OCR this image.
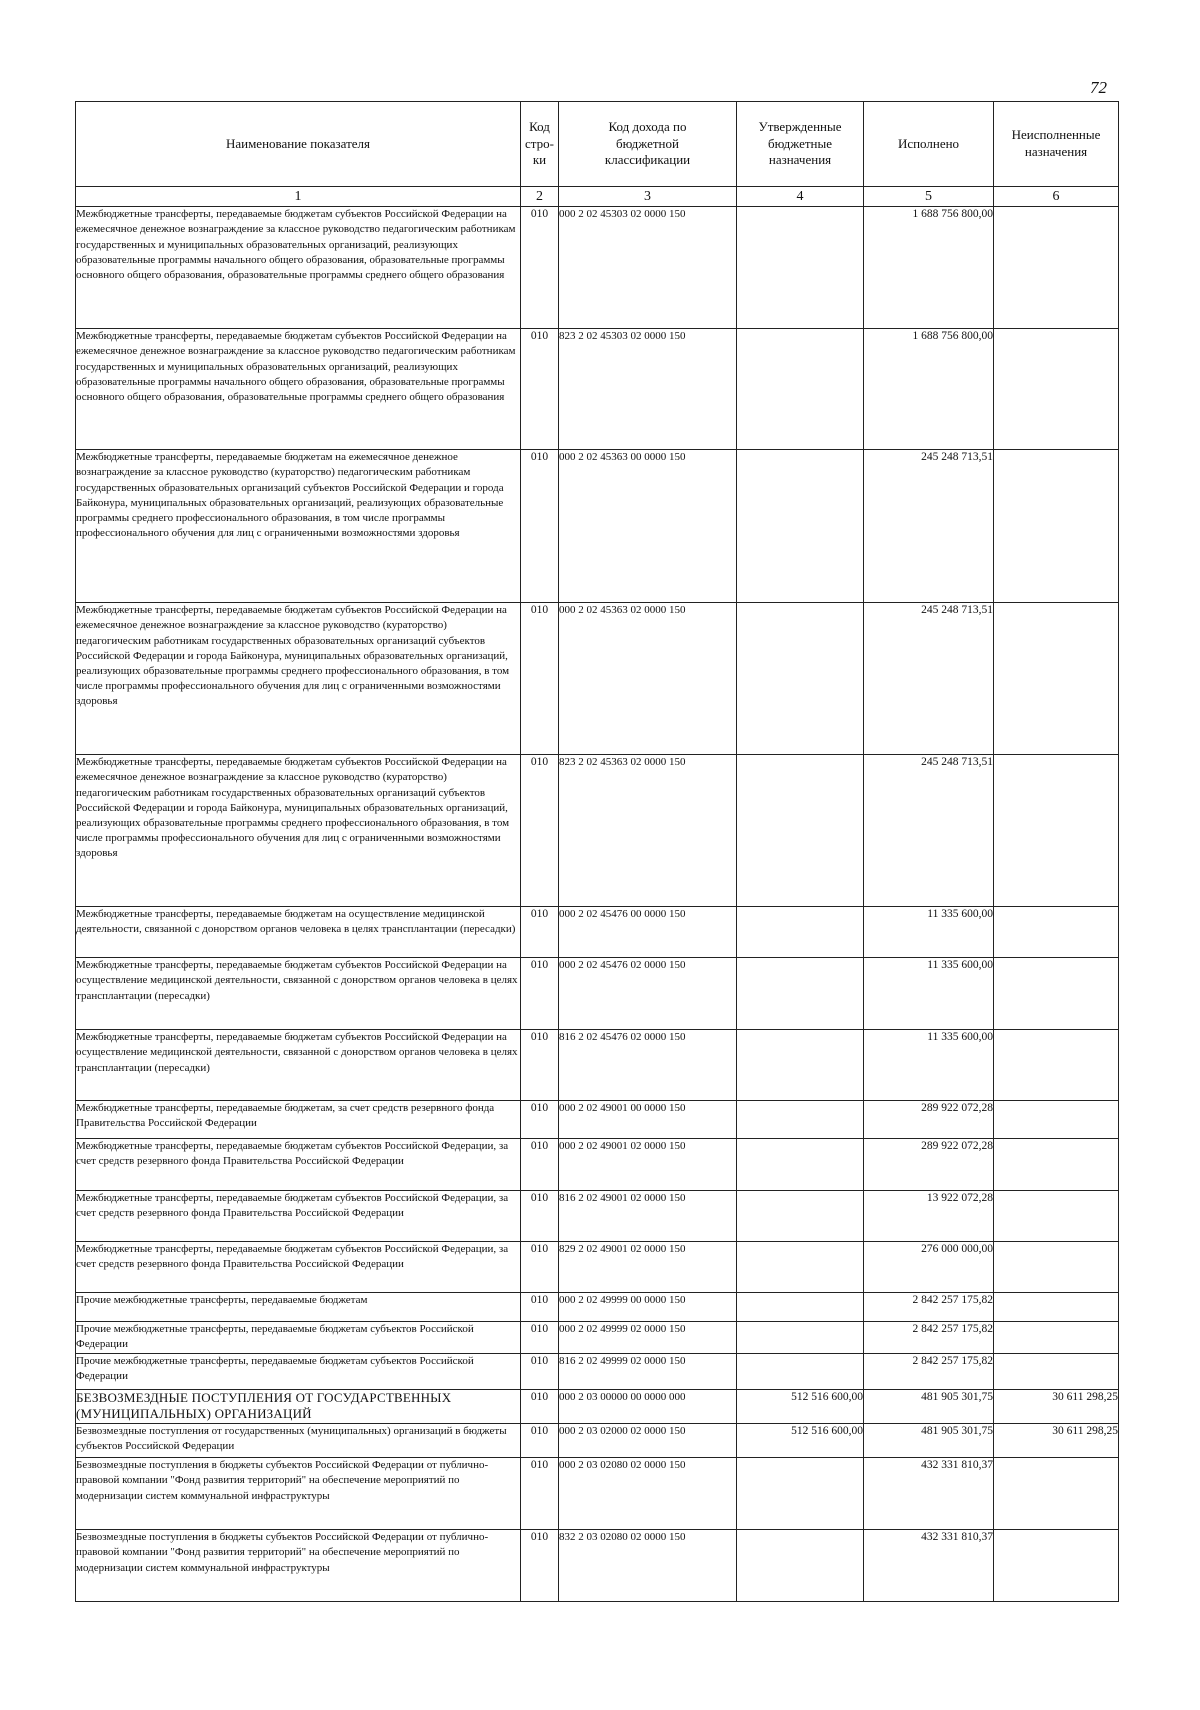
72
Наименование показателя	Код стро-ки	Код дохода по бюджетной классификации	Утвержденные бюджетные назначения	Исполнено	Неисполненные назначения
1	2	3	4	5	6
Межбюджетные трансферты, передаваемые бюджетам субъектов Российской Федерации на ежемесячное денежное вознаграждение за классное руководство педагогическим работникам государственных и муниципальных образовательных организаций, реализующих образовательные программы начального общего образования, образовательные программы основного общего образования, образовательные программы среднего общего образования	010	000 2 02 45303 02 0000 150		1 688 756 800,00	
Межбюджетные трансферты, передаваемые бюджетам субъектов Российской Федерации на ежемесячное денежное вознаграждение за классное руководство педагогическим работникам государственных и муниципальных образовательных организаций, реализующих образовательные программы начального общего образования, образовательные программы основного общего образования, образовательные программы среднего общего образования	010	823 2 02 45303 02 0000 150		1 688 756 800,00	
Межбюджетные трансферты, передаваемые бюджетам на ежемесячное денежное вознаграждение за классное руководство (кураторство) педагогическим работникам государственных образовательных организаций субъектов Российской Федерации и города Байконура, муниципальных образовательных организаций, реализующих образовательные программы среднего профессионального образования, в том числе программы профессионального обучения для лиц с ограниченными возможностями здоровья	010	000 2 02 45363 00 0000 150		245 248 713,51	
Межбюджетные трансферты, передаваемые бюджетам субъектов Российской Федерации на ежемесячное денежное вознаграждение за классное руководство (кураторство) педагогическим работникам государственных образовательных организаций субъектов Российской Федерации и города Байконура, муниципальных образовательных организаций, реализующих образовательные программы среднего профессионального образования, в том числе программы профессионального обучения для лиц с ограниченными возможностями здоровья	010	000 2 02 45363 02 0000 150		245 248 713,51	
Межбюджетные трансферты, передаваемые бюджетам субъектов Российской Федерации на ежемесячное денежное вознаграждение за классное руководство (кураторство) педагогическим работникам государственных образовательных организаций субъектов Российской Федерации и города Байконура, муниципальных образовательных организаций, реализующих образовательные программы среднего профессионального образования, в том числе программы профессионального обучения для лиц с ограниченными возможностями здоровья	010	823 2 02 45363 02 0000 150		245 248 713,51	
Межбюджетные трансферты, передаваемые бюджетам на осуществление медицинской деятельности, связанной с донорством органов человека в целях трансплантации (пересадки)	010	000 2 02 45476 00 0000 150		11 335 600,00	
Межбюджетные трансферты, передаваемые бюджетам субъектов Российской Федерации на осуществление медицинской деятельности, связанной с донорством органов человека в целях трансплантации (пересадки)	010	000 2 02 45476 02 0000 150		11 335 600,00	
Межбюджетные трансферты, передаваемые бюджетам субъектов Российской Федерации на осуществление медицинской деятельности, связанной с донорством органов человека в целях трансплантации (пересадки)	010	816 2 02 45476 02 0000 150		11 335 600,00	
Межбюджетные трансферты, передаваемые бюджетам, за счет средств резервного фонда Правительства Российской Федерации	010	000 2 02 49001 00 0000 150		289 922 072,28	
Межбюджетные трансферты, передаваемые бюджетам субъектов Российской Федерации, за счет средств резервного фонда Правительства Российской Федерации	010	000 2 02 49001 02 0000 150		289 922 072,28	
Межбюджетные трансферты, передаваемые бюджетам субъектов Российской Федерации, за счет средств резервного фонда Правительства Российской Федерации	010	816 2 02 49001 02 0000 150		13 922 072,28	
Межбюджетные трансферты, передаваемые бюджетам субъектов Российской Федерации, за счет средств резервного фонда Правительства Российской Федерации	010	829 2 02 49001 02 0000 150		276 000 000,00	
Прочие межбюджетные трансферты, передаваемые бюджетам	010	000 2 02 49999 00 0000 150		2 842 257 175,82	
Прочие межбюджетные трансферты, передаваемые бюджетам субъектов Российской Федерации	010	000 2 02 49999 02 0000 150		2 842 257 175,82	
Прочие межбюджетные трансферты, передаваемые бюджетам субъектов Российской Федерации	010	816 2 02 49999 02 0000 150		2 842 257 175,82	
БЕЗВОЗМЕЗДНЫЕ ПОСТУПЛЕНИЯ ОТ ГОСУДАРСТВЕННЫХ (МУНИЦИПАЛЬНЫХ) ОРГАНИЗАЦИЙ	010	000 2 03 00000 00 0000 000	512 516 600,00	481 905 301,75	30 611 298,25
Безвозмездные поступления от государственных (муниципальных) организаций в бюджеты субъектов Российской Федерации	010	000 2 03 02000 02 0000 150	512 516 600,00	481 905 301,75	30 611 298,25
Безвозмездные поступления в бюджеты субъектов Российской Федерации от публично-правовой компании "Фонд развития территорий" на обеспечение мероприятий по модернизации систем коммунальной инфраструктуры	010	000 2 03 02080 02 0000 150		432 331 810,37	
Безвозмездные поступления в бюджеты субъектов Российской Федерации от публично-правовой компании "Фонд развития территорий" на обеспечение мероприятий по модернизации систем коммунальной инфраструктуры	010	832 2 03 02080 02 0000 150		432 331 810,37	
